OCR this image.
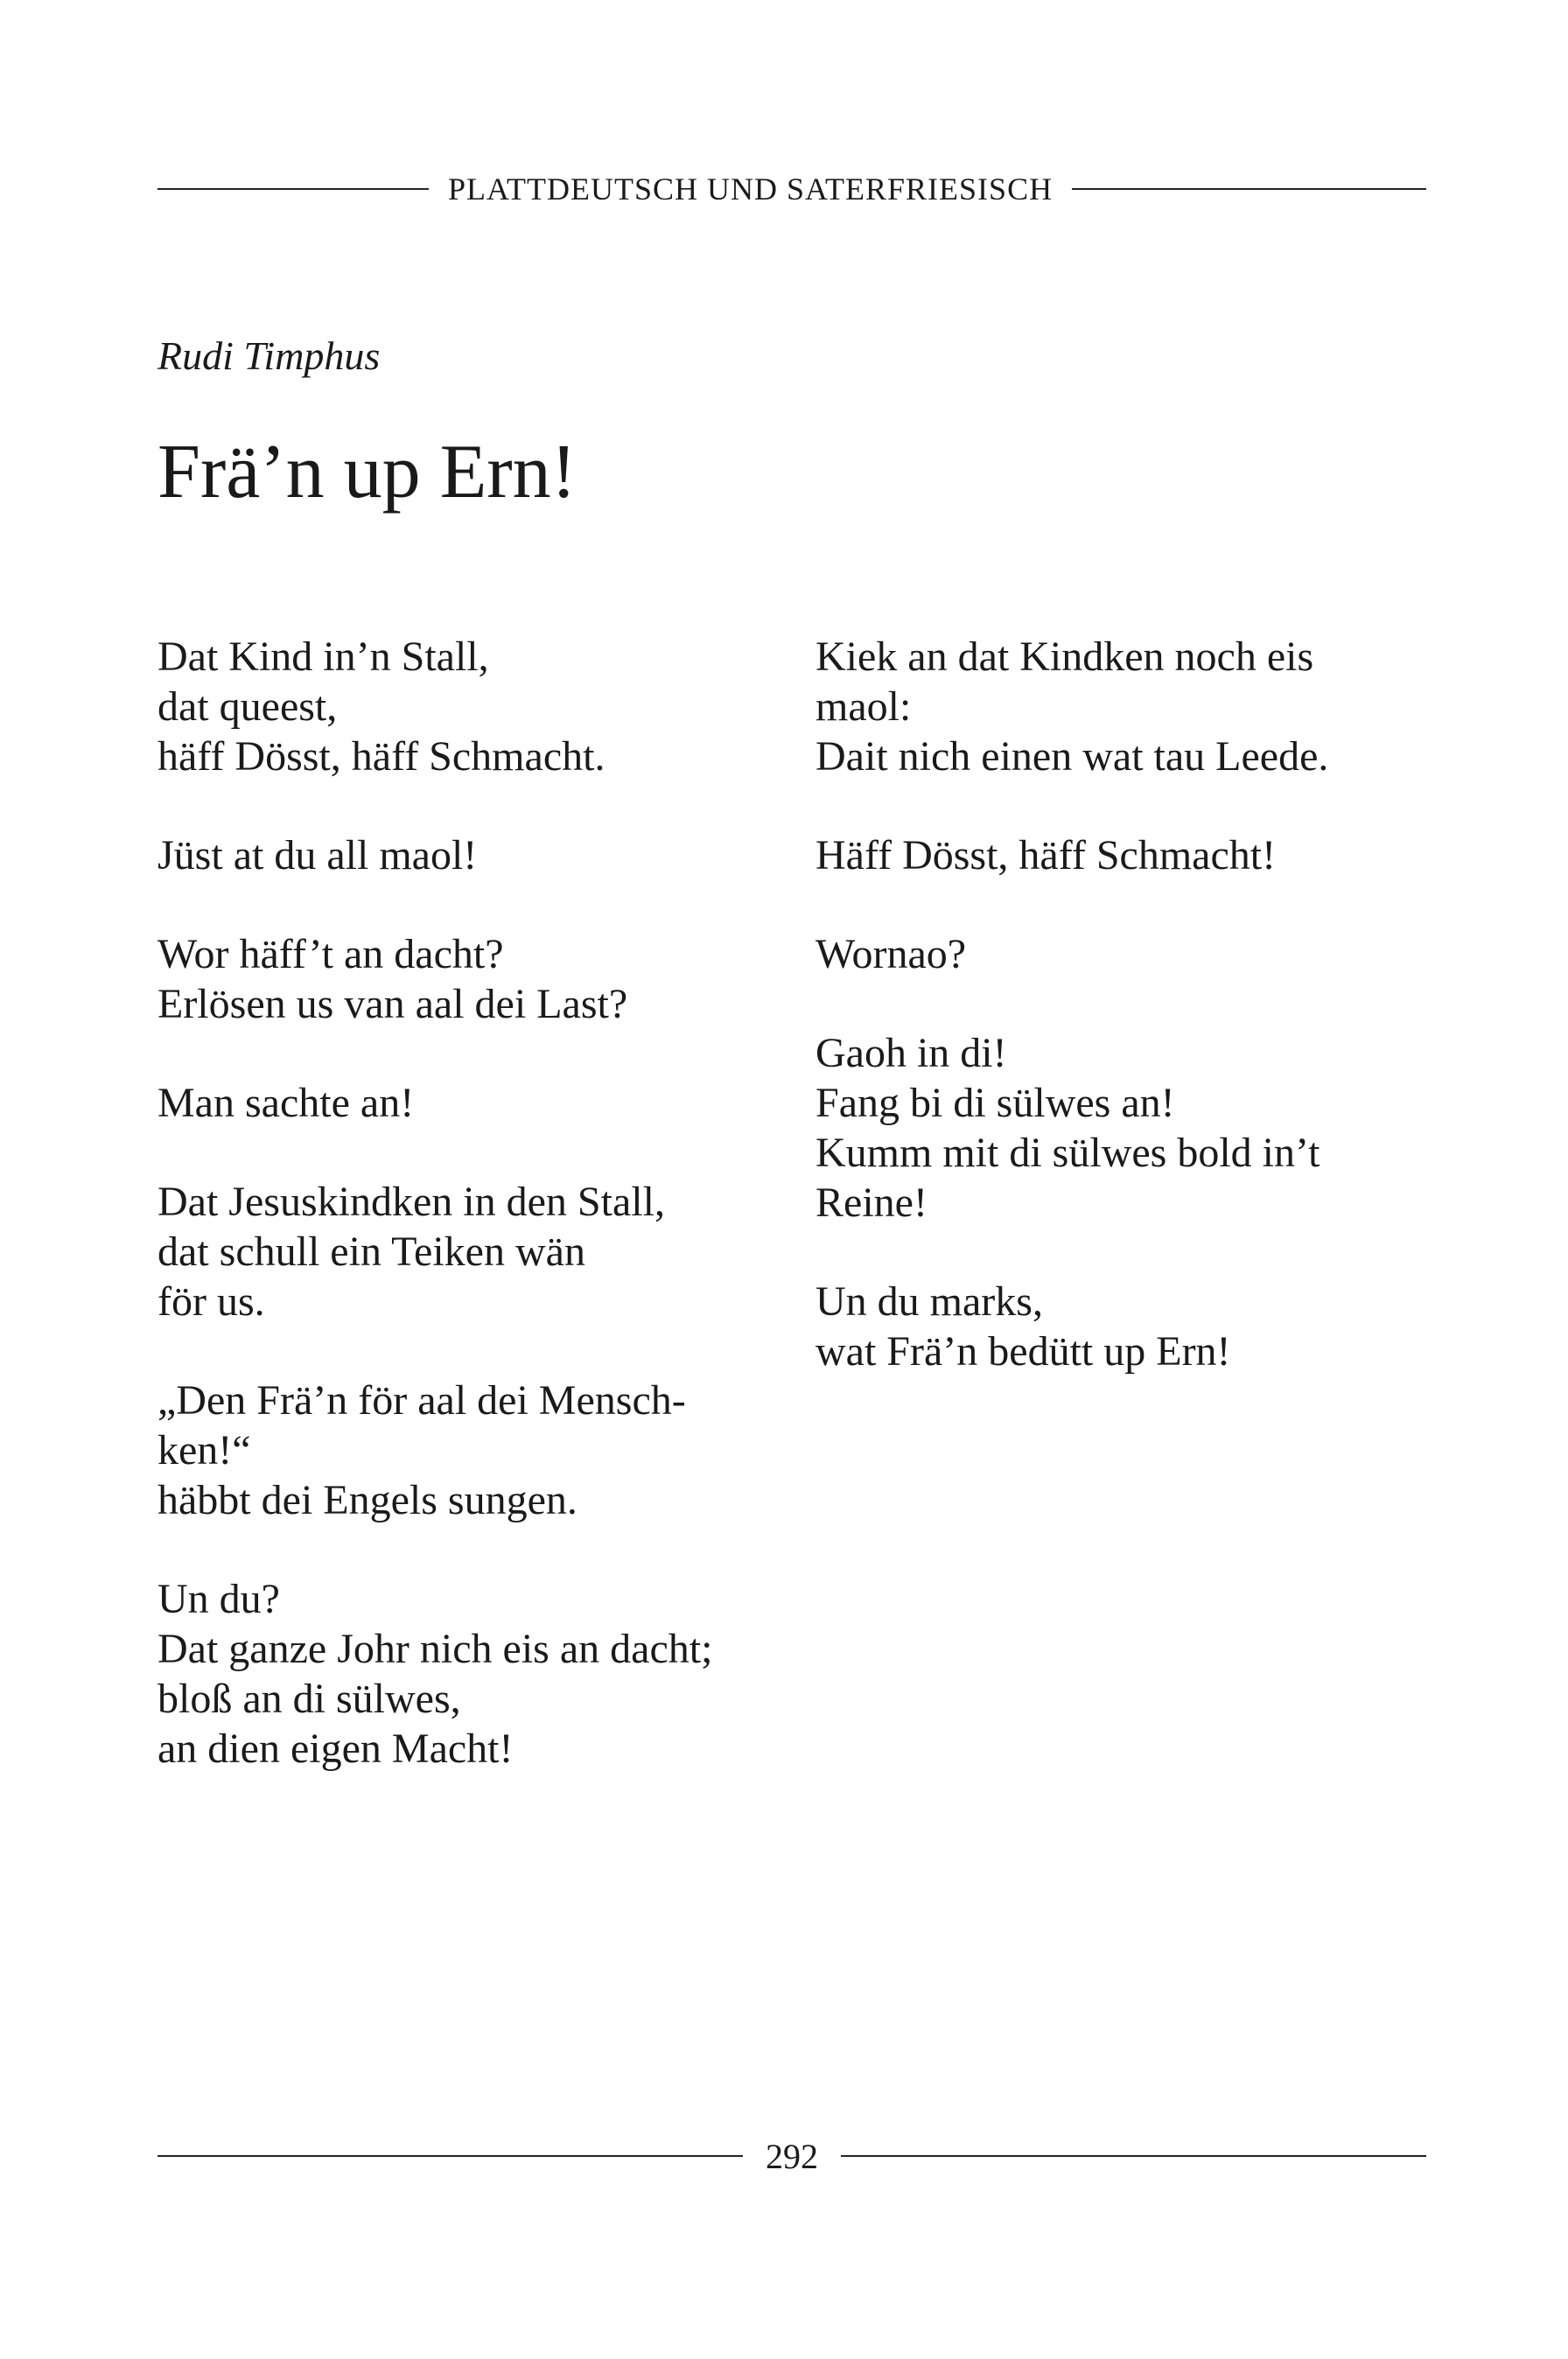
PLATTDEUTSCH UND SATERFRIESISCH
Rudi Timphus
Frä’n up Ern!
Dat Kind in’n Stall,
dat queest,
häff Dösst, häff Schmacht.
Jüst at du all maol!
Wor häff’t an dacht?
Erlösen us van aal dei Last?
Man sachte an!
Dat Jesuskindken in den Stall,
dat schull ein Teiken wän
för us.
„Den Frä’n för aal dei Mensch-
ken!“
häbbt dei Engels sungen.
Un du?
Dat ganze Johr nich eis an dacht;
bloß an di sülwes,
an dien eigen Macht!
Kiek an dat Kindken noch eis
maol:
Dait nich einen wat tau Leede.
Häff Dösst, häff Schmacht!
Wornao?
Gaoh in di!
Fang bi di sülwes an!
Kumm mit di sülwes bold in’t
Reine!
Un du marks,
wat Frä’n bedütt up Ern!
292
